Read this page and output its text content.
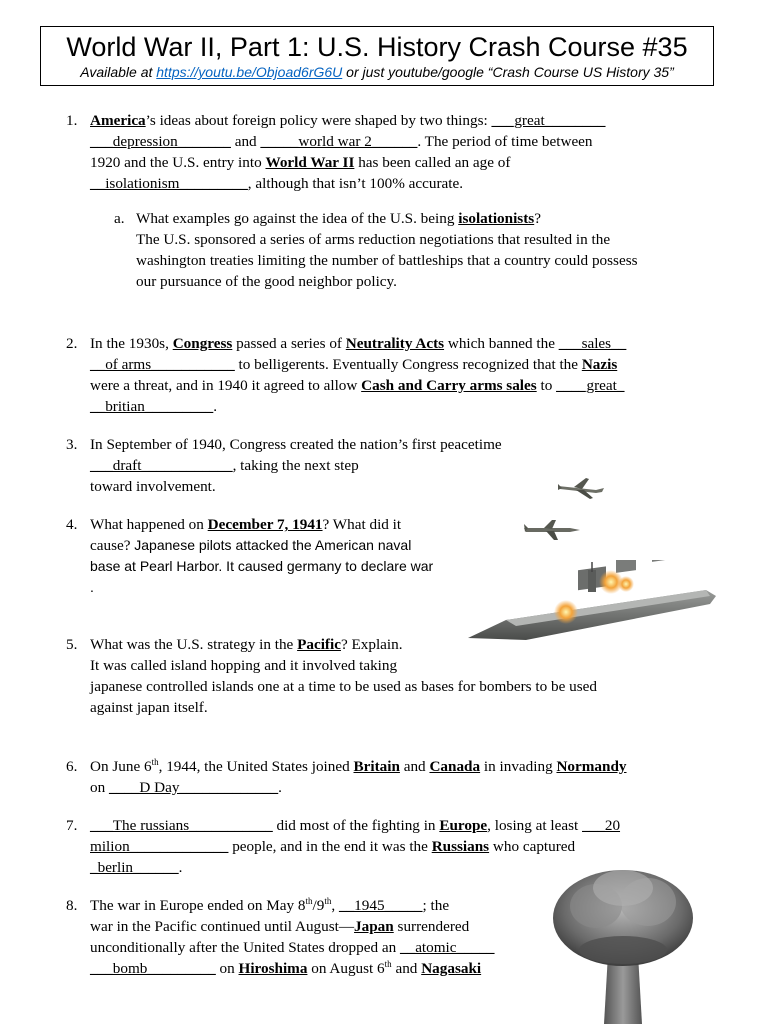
World War II, Part 1: U.S. History Crash Course #35
Available at https://youtu.be/Objoad6rG6U or just youtube/google “Crash Course US History 35”
1. America’s ideas about foreign policy were shaped by two things: ___great________
___depression_______ and _____world war 2______. The period of time between
1920 and the U.S. entry into World War II has been called an age of
__isolationism_________, although that isn’t 100% accurate.
a. What examples go against the idea of the U.S. being isolationists?
The U.S. sponsored a series of arms reduction negotiations that resulted in the
washington treaties limiting the number of battleships that a country could possess
our pursuance of the good neighbor policy.
2. In the 1930s, Congress passed a series of Neutrality Acts which banned the ___sales__
__of arms___________ to belligerents. Eventually Congress recognized that the Nazis
were a threat, and in 1940 it agreed to allow Cash and Carry arms sales to ____great_
__britian_________.
3. In September of 1940, Congress created the nation’s first peacetime
___draft____________, taking the next step
toward involvement.
4. What happened on December 7, 1941? What did it
cause? Japanese pilots attacked the American naval
base at Pearl Harbor. It caused germany to declare war
.
5. What was the U.S. strategy in the Pacific? Explain.
It was called island hopping and it involved taking
japanese controlled islands one at a time to be used as bases for bombers to be used
against japan itself.
6. On June 6th, 1944, the United States joined Britain and Canada in invading Normandy
on ____D Day_____________.
7. ___The russians___________ did most of the fighting in Europe, losing at least ___20
milion_____________ people, and in the end it was the Russians who captured
_berlin______.
8. The war in Europe ended on May 8th/9th, __1945_____; the
war in the Pacific continued until August—Japan surrendered
unconditionally after the United States dropped an __atomic_____
___bomb_________ on Hiroshima on August 6th and Nagasaki
